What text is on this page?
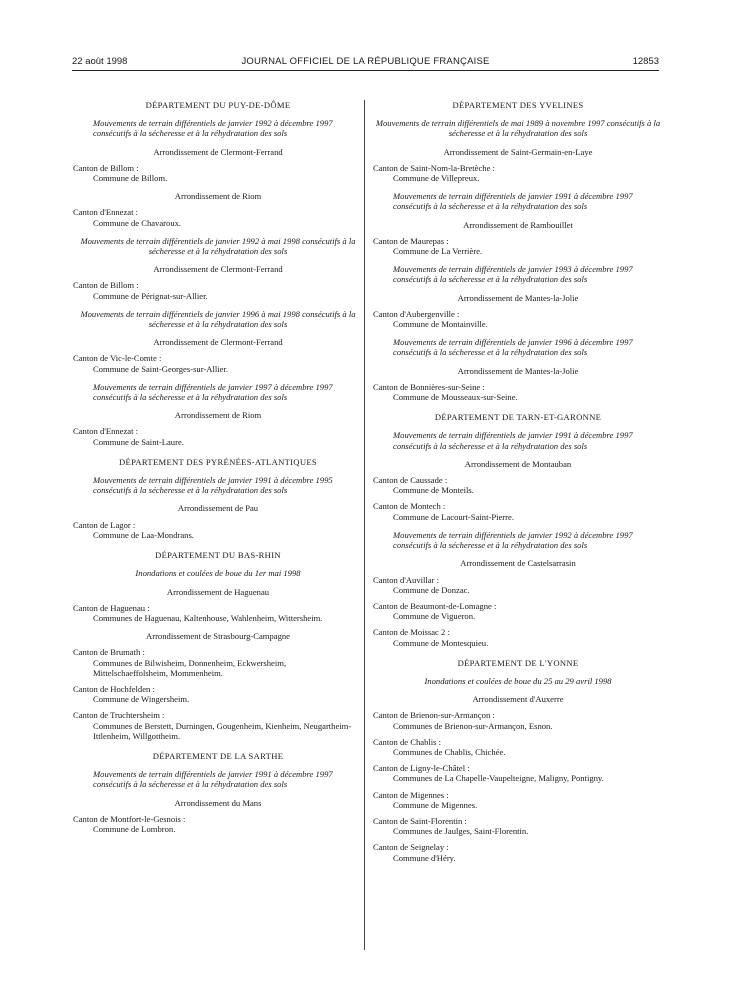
22 août 1998	JOURNAL OFFICIEL DE LA RÉPUBLIQUE FRANÇAISE	12853

DÉPARTEMENT DU PUY-DE-DÔME

Mouvements de terrain différentiels de janvier 1992 à décembre 1997 consécutifs à la sécheresse et à la réhydratation des sols

Arrondissement de Clermont-Ferrand

Canton de Billom :

Commune de Billom.

Arrondissement de Riom

Canton d'Ennezat :

Commune de Chavaroux.

Mouvements de terrain différentiels de janvier 1992 à mai 1998 consécutifs à la sécheresse et à la réhydratation des sols

Arrondissement de Clermont-Ferrand

Canton de Billom :

Commune de Pérignat-sur-Allier.

Mouvements de terrain différentiels de janvier 1996 à mai 1998 consécutifs à la sécheresse et à la réhydratation des sols

Arrondissement de Clermont-Ferrand

Canton de Vic-le-Comte :

Commune de Saint-Georges-sur-Allier.

Mouvements de terrain différentiels de janvier 1997 à décembre 1997 consécutifs à la sécheresse et à la réhydratation des sols

Arrondissement de Riom

Canton d'Ennezat :

Commune de Saint-Laure.

DÉPARTEMENT DES PYRÉNÉES-ATLANTIQUES

Mouvements de terrain différentiels de janvier 1991 à décembre 1995 consécutifs à la sécheresse et à la réhydratation des sols

Arrondissement de Pau

Canton de Lagor :

Commune de Laa-Mondrans.

DÉPARTEMENT DU BAS-RHIN

Inondations et coulées de boue du 1er mai 1998

Arrondissement de Haguenau

Canton de Haguenau :

Communes de Haguenau, Kaltenhouse, Wahlenheim, Wittersheim.

Arrondissement de Strasbourg-Campagne

Canton de Brumath :

Communes de Bilwisheim, Donnenheim, Eckwersheim, Mittelschaeffolsheim, Mommenheim.

Canton de Hochfelden :

Commune de Wingersheim.

Canton de Truchtersheim :

Communes de Berstett, Durningen, Gougenheim, Kienheim, Neugartheim-Ittlenheim, Willgottheim.

DÉPARTEMENT DE LA SARTHE

Mouvements de terrain différentiels de janvier 1991 à décembre 1997 consécutifs à la sécheresse et à la réhydratation des sols

Arrondissement du Mans

Canton de Montfort-le-Gesnois :

Commune de Lombron.

DÉPARTEMENT DES YVELINES

Mouvements de terrain différentiels de mai 1989 à novembre 1997 consécutifs à la sécheresse et à la réhydratation des sols

Arrondissement de Saint-Germain-en-Laye

Canton de Saint-Nom-la-Bretèche :

Commune de Villepreux.

Mouvements de terrain différentiels de janvier 1991 à décembre 1997 consécutifs à la sécheresse et à la réhydratation des sols

Arrondissement de Rambouillet

Canton de Maurepas :

Commune de La Verrière.

Mouvements de terrain différentiels de janvier 1993 à décembre 1997 consécutifs à la sécheresse et à la réhydratation des sols

Arrondissement de Mantes-la-Jolie

Canton d'Aubergenville :

Commune de Montainville.

Mouvements de terrain différentiels de janvier 1996 à décembre 1997 consécutifs à la sécheresse et à la réhydratation des sols

Arrondissement de Mantes-la-Jolie

Canton de Bonnières-sur-Seine :

Commune de Mousseaux-sur-Seine.

DÉPARTEMENT DE TARN-ET-GARONNE

Mouvements de terrain différentiels de janvier 1991 à décembre 1997 consécutifs à la sécheresse et à la réhydratation des sols

Arrondissement de Montauban

Canton de Caussade :

Commune de Monteils.

Canton de Montech :

Commune de Lacourt-Saint-Pierre.

Mouvements de terrain différentiels de janvier 1992 à décembre 1997 consécutifs à la sécheresse et à la réhydratation des sols

Arrondissement de Castelsarrasin

Canton d'Auvillar :

Commune de Donzac.

Canton de Beaumont-de-Lomagne :

Commune de Vigueron.

Canton de Moissac 2 :

Commune de Montesquieu.

DÉPARTEMENT DE L'YONNE

Inondations et coulées de boue du 25 au 29 avril 1998

Arrondissement d'Auxerre

Canton de Brienon-sur-Armançon :

Communes de Brienon-sur-Armançon, Esnon.

Canton de Chablis :

Communes de Chablis, Chichée.

Canton de Ligny-le-Châtel :

Communes de La Chapelle-Vaupelteigne, Maligny, Pontigny.

Canton de Migennes :

Commune de Migennes.

Canton de Saint-Florentin :

Communes de Jaulges, Saint-Florentin.

Canton de Seignelay :

Commune d'Héry.
